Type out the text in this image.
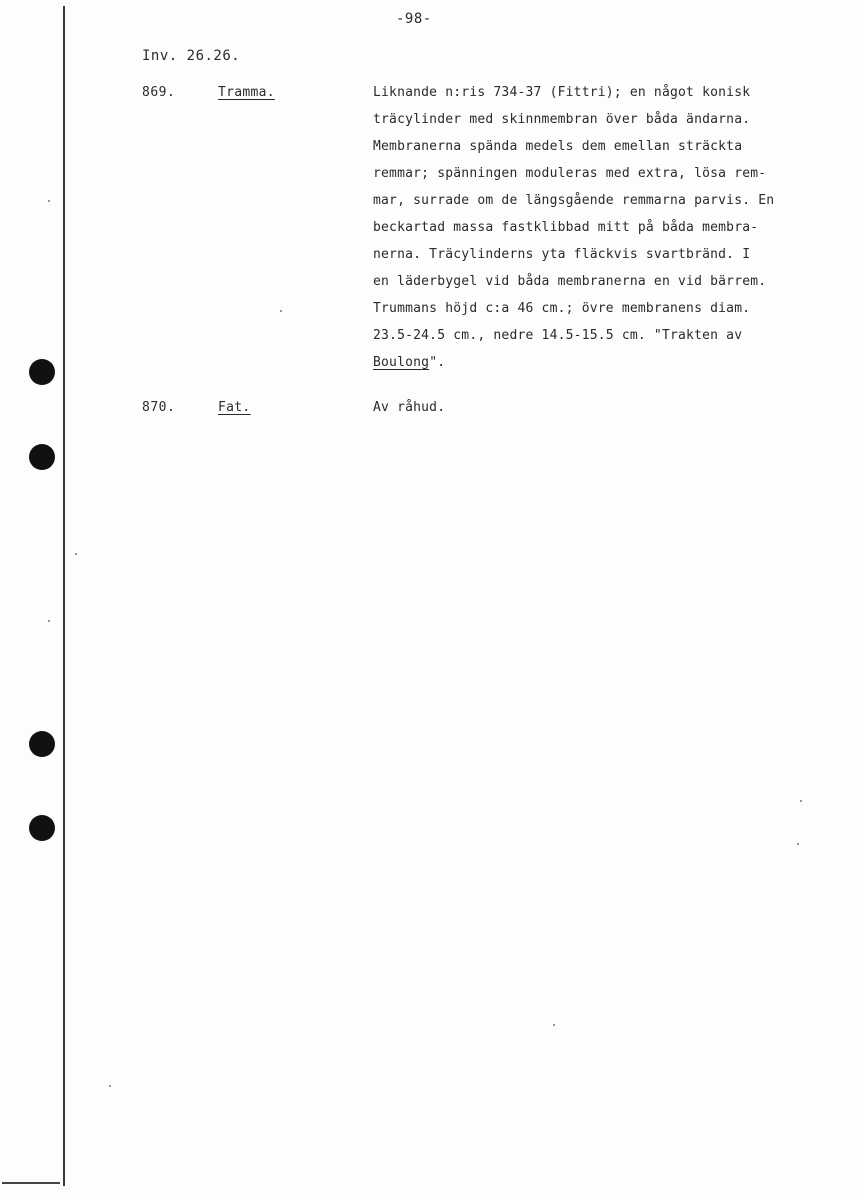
-98-
Inv. 26.26.
869.	Tramma.	Liknande n:ris 734-37 (Fittri); en något konisk
träcylinder med skinnmembran över båda ändarna.
Membranerna spända medels dem emellan sträckta
remmar; spänningen moduleras med extra, lösa rem-
mar, surrade om de längsgående remmarna parvis. En
beckartad massa fastklibbad mitt på båda membra-
nerna. Träcylinderns yta fläckvis svartbränd. I
en läderbygel vid båda membranerna en vid bärrem.
Trummans höjd c:a 46 cm.; övre membranens diam.
23.5-24.5 cm., nedre 14.5-15.5 cm. "Trakten av
Boulong".
870.	Fat.	Av råhud.
